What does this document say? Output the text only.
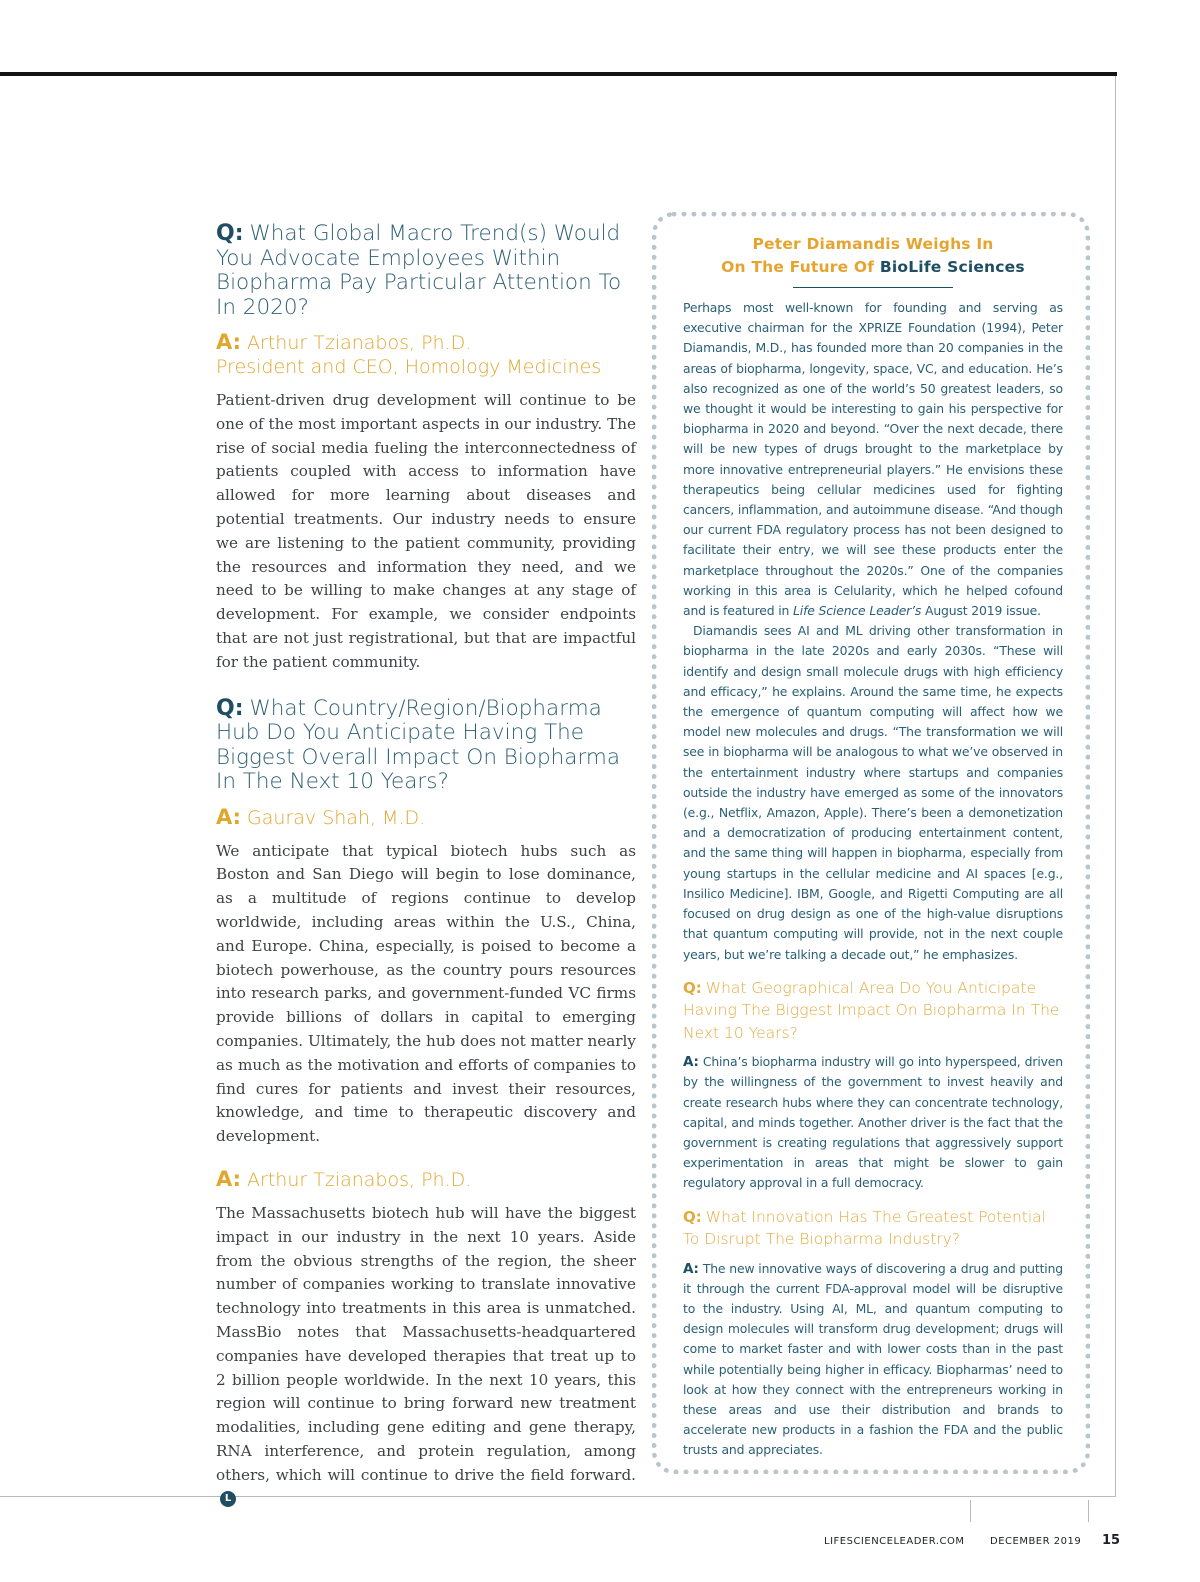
Q: What Global Macro Trend(s) Would You Advocate Employees Within Biopharma Pay Particular Attention To In 2020?
A: Arthur Tzianabos, Ph.D.
President and CEO, Homology Medicines

Patient-driven drug development will continue to be one of the most important aspects in our industry. The rise of social media fueling the interconnectedness of patients coupled with access to information have allowed for more learning about diseases and potential treatments. Our industry needs to ensure we are listening to the patient community, providing the resources and information they need, and we need to be willing to make changes at any stage of development. For example, we consider endpoints that are not just registrational, but that are impactful for the patient community.

Q: What Country/Region/Biopharma Hub Do You Anticipate Having The Biggest Overall Impact On Biopharma In The Next 10 Years?
A: Gaurav Shah, M.D.

We anticipate that typical biotech hubs such as Boston and San Diego will begin to lose dominance, as a multitude of regions continue to develop worldwide, including areas within the U.S., China, and Europe. China, especially, is poised to become a biotech powerhouse, as the country pours resources into research parks, and government-funded VC firms provide billions of dollars in capital to emerging companies. Ultimately, the hub does not matter nearly as much as the motivation and efforts of companies to find cures for patients and invest their resources, knowledge, and time to therapeutic discovery and development.

A: Arthur Tzianabos, Ph.D.

The Massachusetts biotech hub will have the biggest impact in our industry in the next 10 years. Aside from the obvious strengths of the region, the sheer number of companies working to translate innovative technology into treatments in this area is unmatched. MassBio notes that Massachusetts-headquartered companies have developed therapies that treat up to 2 billion people worldwide. In the next 10 years, this region will continue to bring forward new treatment modalities, including gene editing and gene therapy, RNA interference, and protein regulation, among others, which will continue to drive the field forward.L

Peter Diamandis Weighs In
On The Future Of BioLife Sciences

Perhaps most well-known for founding and serving as executive chairman for the XPRIZE Foundation (1994), Peter Diamandis, M.D., has founded more than 20 companies in the areas of biopharma, longevity, space, VC, and education. He’s also recognized as one of the world’s 50 greatest leaders, so we thought it would be interesting to gain his perspective for biopharma in 2020 and beyond. “Over the next decade, there will be new types of drugs brought to the marketplace by more innovative entrepreneurial players.” He envisions these therapeutics being cellular medicines used for fighting cancers, inflammation, and autoimmune disease. “And though our current FDA regulatory process has not been designed to facilitate their entry, we will see these products enter the marketplace throughout the 2020s.” One of the companies working in this area is Celularity, which he helped cofound and is featured in Life Science Leader’s August 2019 issue.

Diamandis sees AI and ML driving other transformation in biopharma in the late 2020s and early 2030s. “These will identify and design small molecule drugs with high efficiency and efficacy,” he explains. Around the same time, he expects the emergence of quantum computing will affect how we model new molecules and drugs. “The transformation we will see in biopharma will be analogous to what we’ve observed in the entertainment industry where startups and companies outside the industry have emerged as some of the innovators (e.g., Netflix, Amazon, Apple). There’s been a demonetization and a democratization of producing entertainment content, and the same thing will happen in biopharma, especially from young startups in the cellular medicine and AI spaces [e.g., Insilico Medicine]. IBM, Google, and Rigetti Computing are all focused on drug design as one of the high-value disruptions that quantum computing will provide, not in the next couple years, but we’re talking a decade out,” he emphasizes.

Q: What Geographical Area Do You Anticipate Having The Biggest Impact On Biopharma In The Next 10 Years?

A: China’s biopharma industry will go into hyperspeed, driven by the willingness of the government to invest heavily and create research hubs where they can concentrate technology, capital, and minds together. Another driver is the fact that the government is creating regulations that aggressively support experimentation in areas that might be slower to gain regulatory approval in a full democracy.

Q: What Innovation Has The Greatest Potential To Disrupt The Biopharma Industry?

A: The new innovative ways of discovering a drug and putting it through the current FDA-approval model will be disruptive to the industry. Using AI, ML, and quantum computing to design molecules will transform drug development; drugs will come to market faster and with lower costs than in the past while potentially being higher in efficacy. Biopharmas’ need to look at how they connect with the entrepreneurs working in these areas and use their distribution and brands to accelerate new products in a fashion the FDA and the public trusts and appreciates.

LIFESCIENCELEADER.COM	DECEMBER 2019 15
